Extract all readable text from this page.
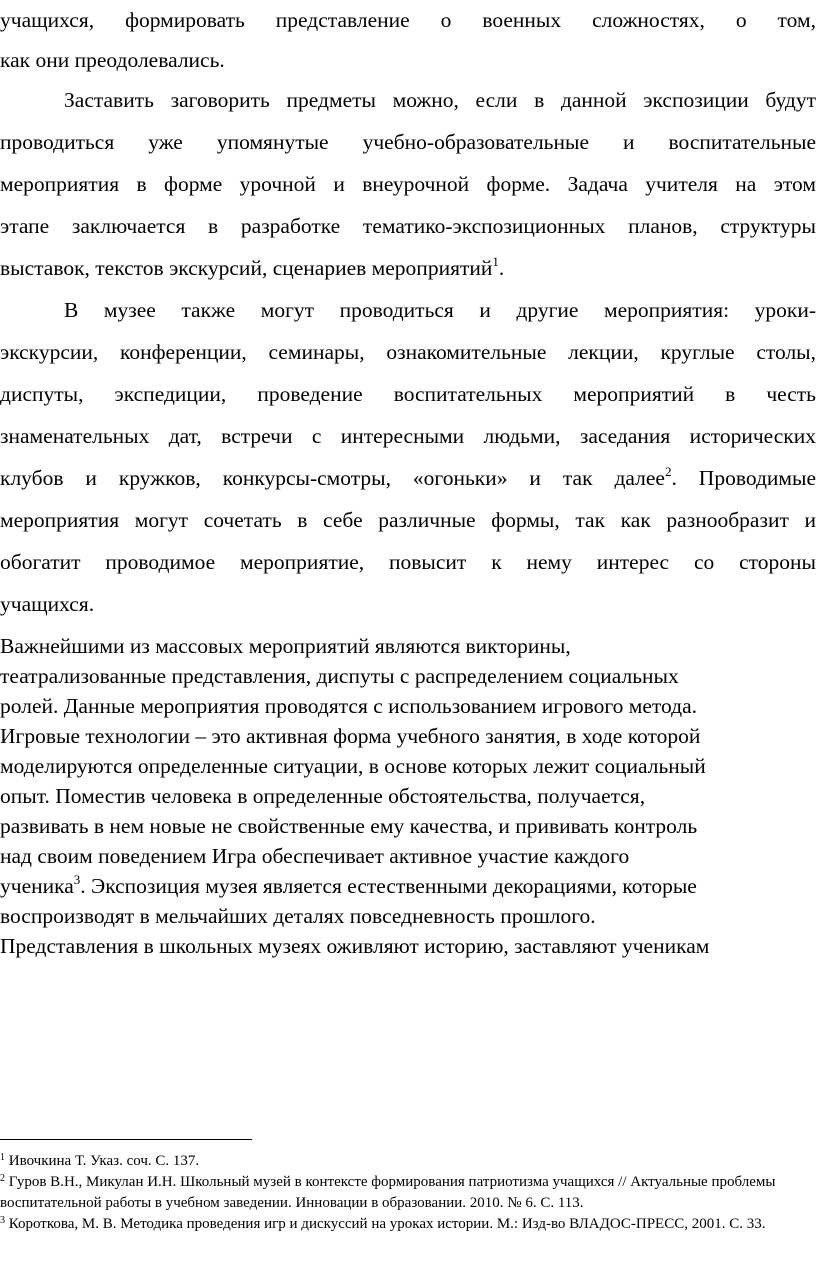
учащихся, формировать представление о военных сложностях, о том,

как они преодолевались.

Заставить заговорить предметы можно, если в данной экспозиции будут

проводиться уже упомянутые учебно-образовательные и воспитательные

мероприятия в форме урочной и внеурочной форме. Задача учителя на этом

этапе заключается в разработке тематико-экспозиционных планов, структуры

выставок, текстов экскурсий, сценариев мероприятий$^1$.

В музее также могут проводиться и другие мероприятия: уроки-

экскурсии, конференции, семинары, ознакомительные лекции, круглые столы,

диспуты, экспедиции, проведение воспитательных мероприятий в честь

знаменательных дат, встречи с интересными людьми, заседания исторических

клубов и кружков, конкурсы-смотры, «огоньки» и так далее$^2$. Проводимые

мероприятия могут сочетать в себе различные формы, так как разнообразит и

обогатит проводимое мероприятие, повысит к нему интерес со стороны

учащихся.

Важнейшими из массовых мероприятий являются викторины,

театрализованные представления, диспуты с распределением социальных

ролей. Данные мероприятия проводятся с использованием игрового метода.

Игровые технологии – это активная форма учебного занятия, в ходе которой

моделируются определенные ситуации, в основе которых лежит социальный

опыт. Поместив человека в определенные обстоятельства, получается,

развивать в нем новые не свойственные ему качества, и прививать контроль

над своим поведением Игра обеспечивает активное участие каждого

ученика$^3$. Экспозиция музея является естественными декорациями, которые

воспроизводят в мельчайших деталях повседневность прошлого.

Представления в школьных музеях оживляют историю, заставляют ученикам

$^1$ Ивочкина Т. Указ. соч. С. 137.

$^2$ Гуров В.Н., Микулан И.Н. Школьный музей в контексте формирования патриотизма учащихся // Актуальные проблемы воспитательной работы в учебном заведении. Инновации в образовании. 2010. № 6. С. 113.

$^3$ Короткова, М. В. Методика проведения игр и дискуссий на уроках истории. М.: Изд-во ВЛАДОС-ПРЕСС, 2001. С. 33.
